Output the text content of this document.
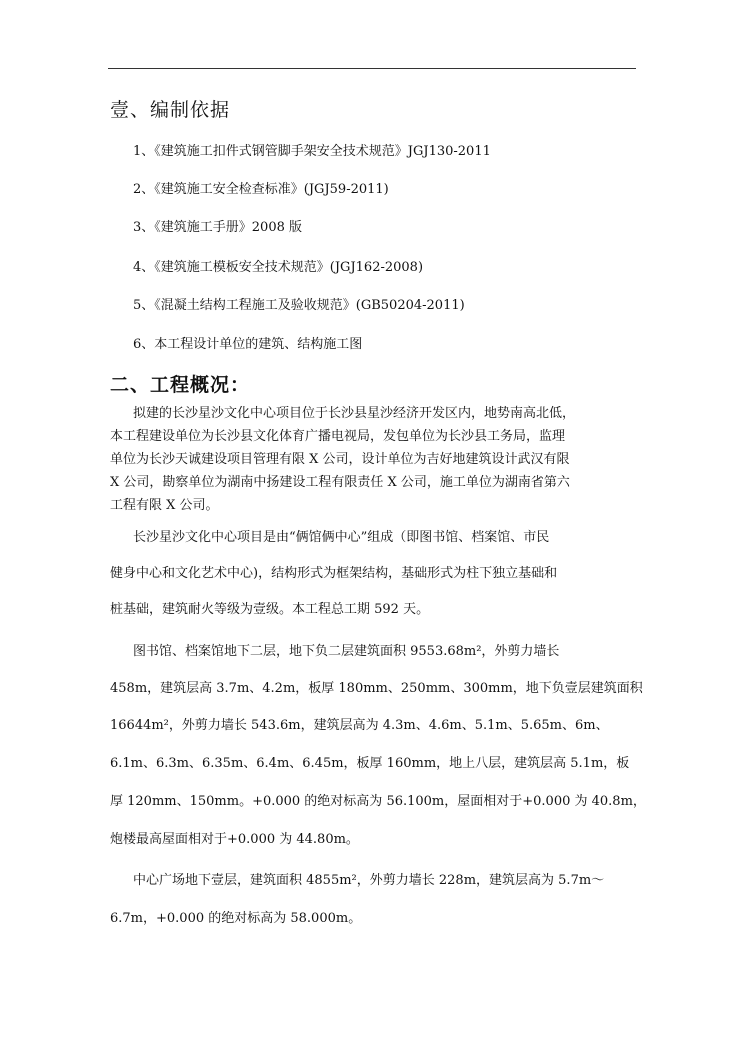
壹、编制依据
1、《建筑施工扣件式钢管脚手架安全技术规范》JGJ130-2011
2、《建筑施工安全检查标准》(JGJ59-2011)
3、《建筑施工手册》2008 版
4、《建筑施工模板安全技术规范》(JGJ162-2008)
5、《混凝土结构工程施工及验收规范》(GB50204-2011)
6、本工程设计单位的建筑、结构施工图
二、工程概况：
拟建的长沙星沙文化中心项目位于长沙县星沙经济开发区内，地势南高北低，
本工程建设单位为长沙县文化体育广播电视局，发包单位为长沙县工务局，监理
单位为长沙天诚建设项目管理有限 X 公司，设计单位为吉好地建筑设计武汉有限
X 公司，勘察单位为湖南中扬建设工程有限责任 X 公司，施工单位为湖南省第六
工程有限 X 公司。
长沙星沙文化中心项目是由“俩馆俩中心”组成（即图书馆、档案馆、市民
健身中心和文化艺术中心)，结构形式为框架结构，基础形式为柱下独立基础和
桩基础，建筑耐火等级为壹级。本工程总工期 592 天。
图书馆、档案馆地下二层，地下负二层建筑面积 9553.68m²，外剪力墙长
458m，建筑层高 3.7m、4.2m，板厚 180mm、250mm、300mm，地下负壹层建筑面积
16644m²，外剪力墙长 543.6m，建筑层高为 4.3m、4.6m、5.1m、5.65m、6m、
6.1m、6.3m、6.35m、6.4m、6.45m，板厚 160mm，地上八层，建筑层高 5.1m，板
厚 120mm、150mm。+0.000 的绝对标高为 56.100m，屋面相对于+0.000 为 40.8m，
炮楼最高屋面相对于+0.000 为 44.80m。
中心广场地下壹层，建筑面积 4855m²，外剪力墙长 228m，建筑层高为 5.7m～
6.7m，+0.000 的绝对标高为 58.000m。
